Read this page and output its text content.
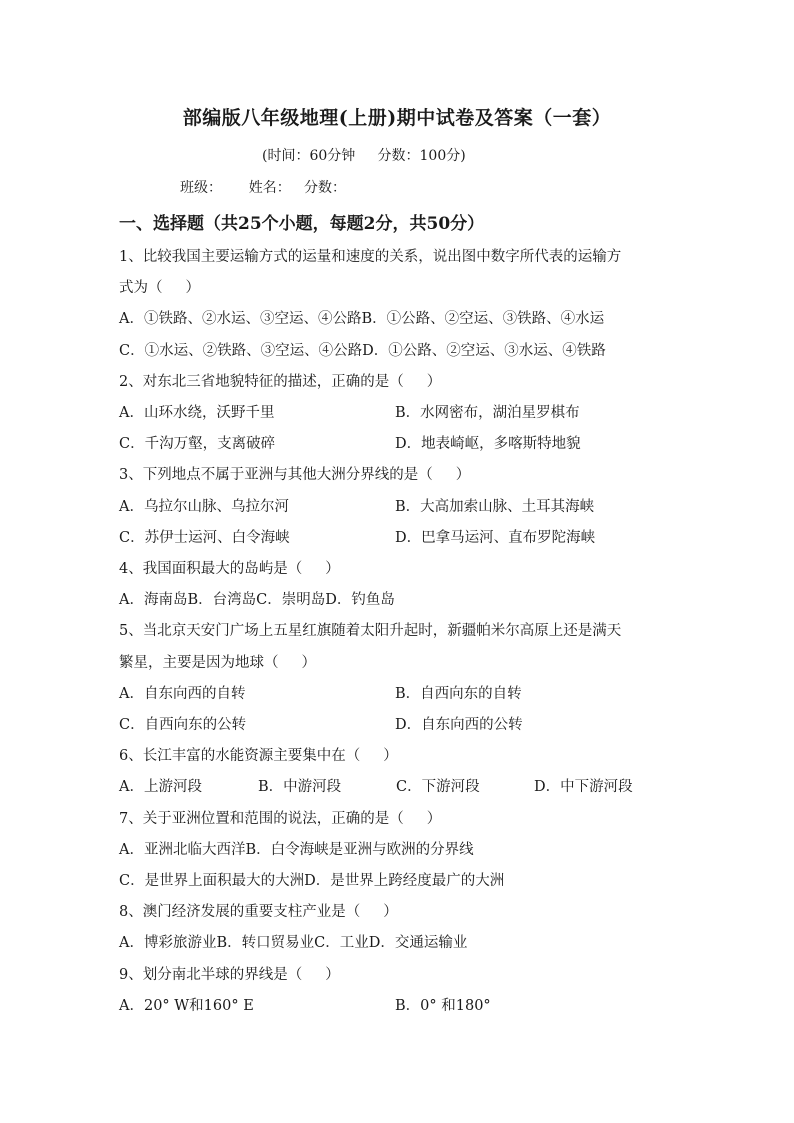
部编版八年级地理(上册)期中试卷及答案（一套）
(时间：60分钟     分数：100分)
班级：      姓名：   分数：
一、选择题（共25个小题，每题2分，共50分）
1、比较我国主要运输方式的运量和速度的关系，说出图中数字所代表的运输方
式为（     ）
A．①铁路、②水运、③空运、④公路B．①公路、②空运、③铁路、④水运
C．①水运、②铁路、③空运、④公路D．①公路、②空运、③水运、④铁路
2、对东北三省地貌特征的描述，正确的是（     ）
A．山环水绕，沃野千里	B．水网密布，湖泊星罗棋布
C．千沟万壑，支离破碎	D．地表崎岖，多喀斯特地貌
3、下列地点不属于亚洲与其他大洲分界线的是（     ）
A．乌拉尔山脉、乌拉尔河	B．大高加索山脉、土耳其海峡
C．苏伊士运河、白令海峡	D．巴拿马运河、直布罗陀海峡
4、我国面积最大的岛屿是（     ）
A．海南岛B．台湾岛C．崇明岛D．钓鱼岛
5、当北京天安门广场上五星红旗随着太阳升起时，新疆帕米尔高原上还是满天
繁星，主要是因为地球（     ）
A．自东向西的自转	B．自西向东的自转
C．自西向东的公转	D．自东向西的公转
6、长江丰富的水能资源主要集中在（     ）
A．上游河段	B．中游河段	C．下游河段	D．中下游河段
7、关于亚洲位置和范围的说法，正确的是（     ）
A．亚洲北临大西洋B．白令海峡是亚洲与欧洲的分界线
C．是世界上面积最大的大洲D．是世界上跨经度最广的大洲
8、澳门经济发展的重要支柱产业是（     ）
A．博彩旅游业B．转口贸易业C．工业D．交通运输业
9、划分南北半球的界线是（     ）
A．20° W和160° E	B．0° 和180°
